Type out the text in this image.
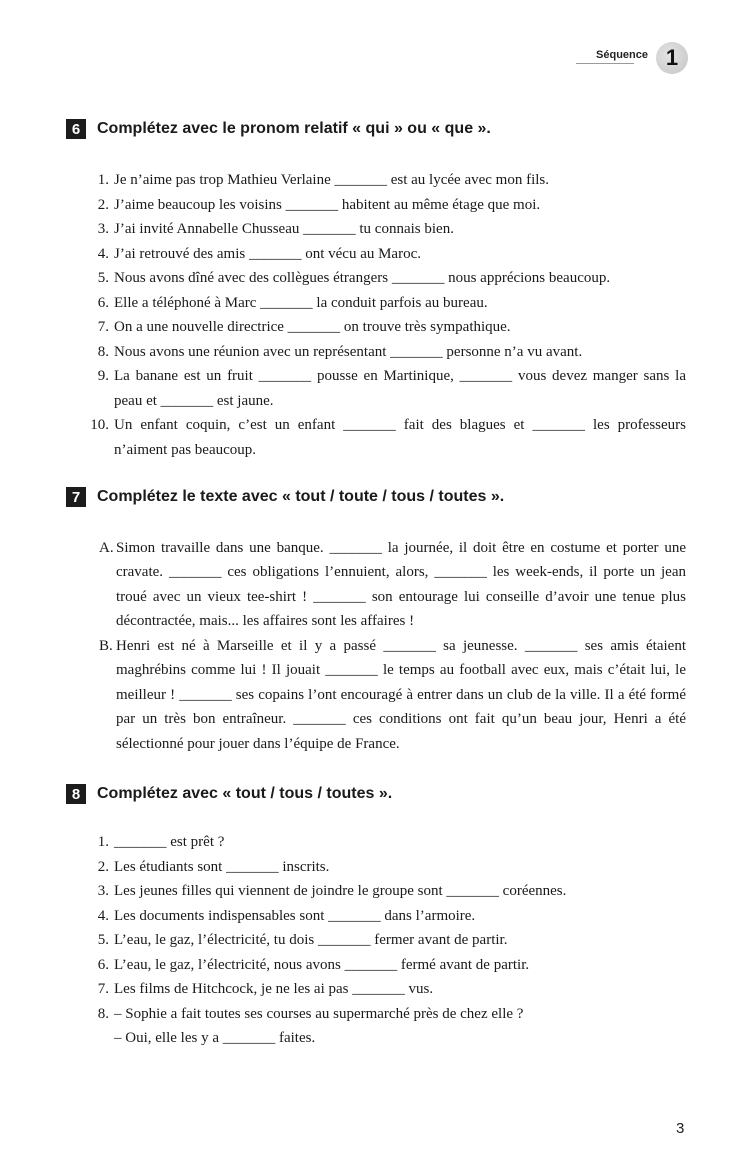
Séquence 1
6	Complétez avec le pronom relatif « qui » ou « que ».
1. Je n’aime pas trop Mathieu Verlaine _______ est au lycée avec mon fils.
2. J’aime beaucoup les voisins _______ habitent au même étage que moi.
3. J’ai invité Annabelle Chusseau _______ tu connais bien.
4. J’ai retrouvé des amis _______ ont vécu au Maroc.
5. Nous avons dîné avec des collègues étrangers _______ nous apprécions beaucoup.
6. Elle a téléphoné à Marc _______ la conduit parfois au bureau.
7. On a une nouvelle directrice _______ on trouve très sympathique.
8. Nous avons une réunion avec un représentant _______ personne n’a vu avant.
9. La banane est un fruit _______ pousse en Martinique, _______ vous devez manger sans la peau et _______ est jaune.
10. Un enfant coquin, c’est un enfant _______ fait des blagues et _______ les professeurs n’aiment pas beaucoup.
7	Complétez le texte avec « tout / toute / tous / toutes ».
A. Simon travaille dans une banque. _______ la journée, il doit être en costume et porter une cravate. _______ ces obligations l’ennuient, alors, _______ les week-ends, il porte un jean troué avec un vieux tee-shirt ! _______ son entourage lui conseille d’avoir une tenue plus décontractée, mais... les affaires sont les affaires !
B. Henri est né à Marseille et il y a passé _______ sa jeunesse. _______ ses amis étaient maghrébins comme lui ! Il jouait _______ le temps au football avec eux, mais c’était lui, le meilleur ! _______ ses copains l’ont encouragé à entrer dans un club de la ville. Il a été formé par un très bon entraîneur. _______ ces conditions ont fait qu’un beau jour, Henri a été sélectionné pour jouer dans l’équipe de France.
8	Complétez avec « tout / tous / toutes ».
1. _______ est prêt ?
2. Les étudiants sont _______ inscrits.
3. Les jeunes filles qui viennent de joindre le groupe sont _______ coréennes.
4. Les documents indispensables sont _______ dans l’armoire.
5. L’eau, le gaz, l’électricité, tu dois _______ fermer avant de partir.
6. L’eau, le gaz, l’électricité, nous avons _______ fermé avant de partir.
7. Les films de Hitchcock, je ne les ai pas _______ vus.
8. – Sophie a fait toutes ses courses au supermarché près de chez elle ?
– Oui, elle les y a _______ faites.
3
